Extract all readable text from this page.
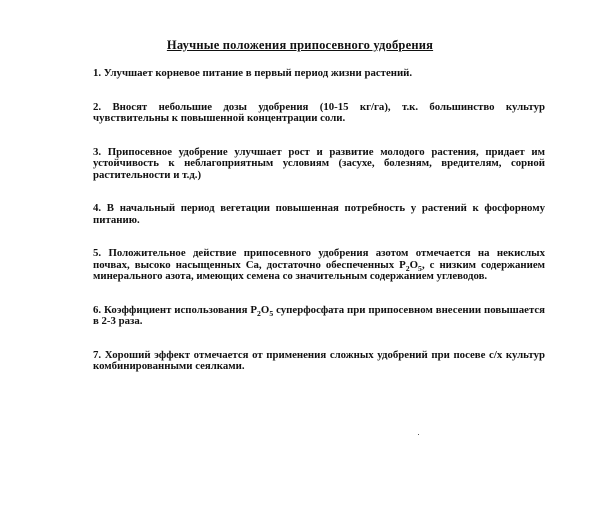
Научные положения припосевного удобрения

1. Улучшает корневое питание в первый период жизни растений.

2. Вносят небольшие дозы удобрения (10-15 кг/га), т.к. большинство культур чувствительны к повышенной концентрации соли.

3. Припосевное удобрение улучшает рост и развитие молодого растения, придает им устойчивость к неблагоприятным условиям (засухе, болезням, вредителям, сорной растительности и т.д.)

4. В начальный период вегетации повышенная потребность у растений к фосфорному питанию.

5. Положительное действие припосевного удобрения азотом отмечается на некислых почвах, высоко насыщенных Са, достаточно обеспеченных $P_2O_5$, с низким содержанием минерального азота, имеющих семена со значительным содержанием углеводов.

6. Коэффициент использования $P_2O_5$ суперфосфата при припосевном внесении повышается в 2-3 раза.

7. Хороший эффект отмечается от применения сложных удобрений при посеве с/х культур комбинированными сеялками.
